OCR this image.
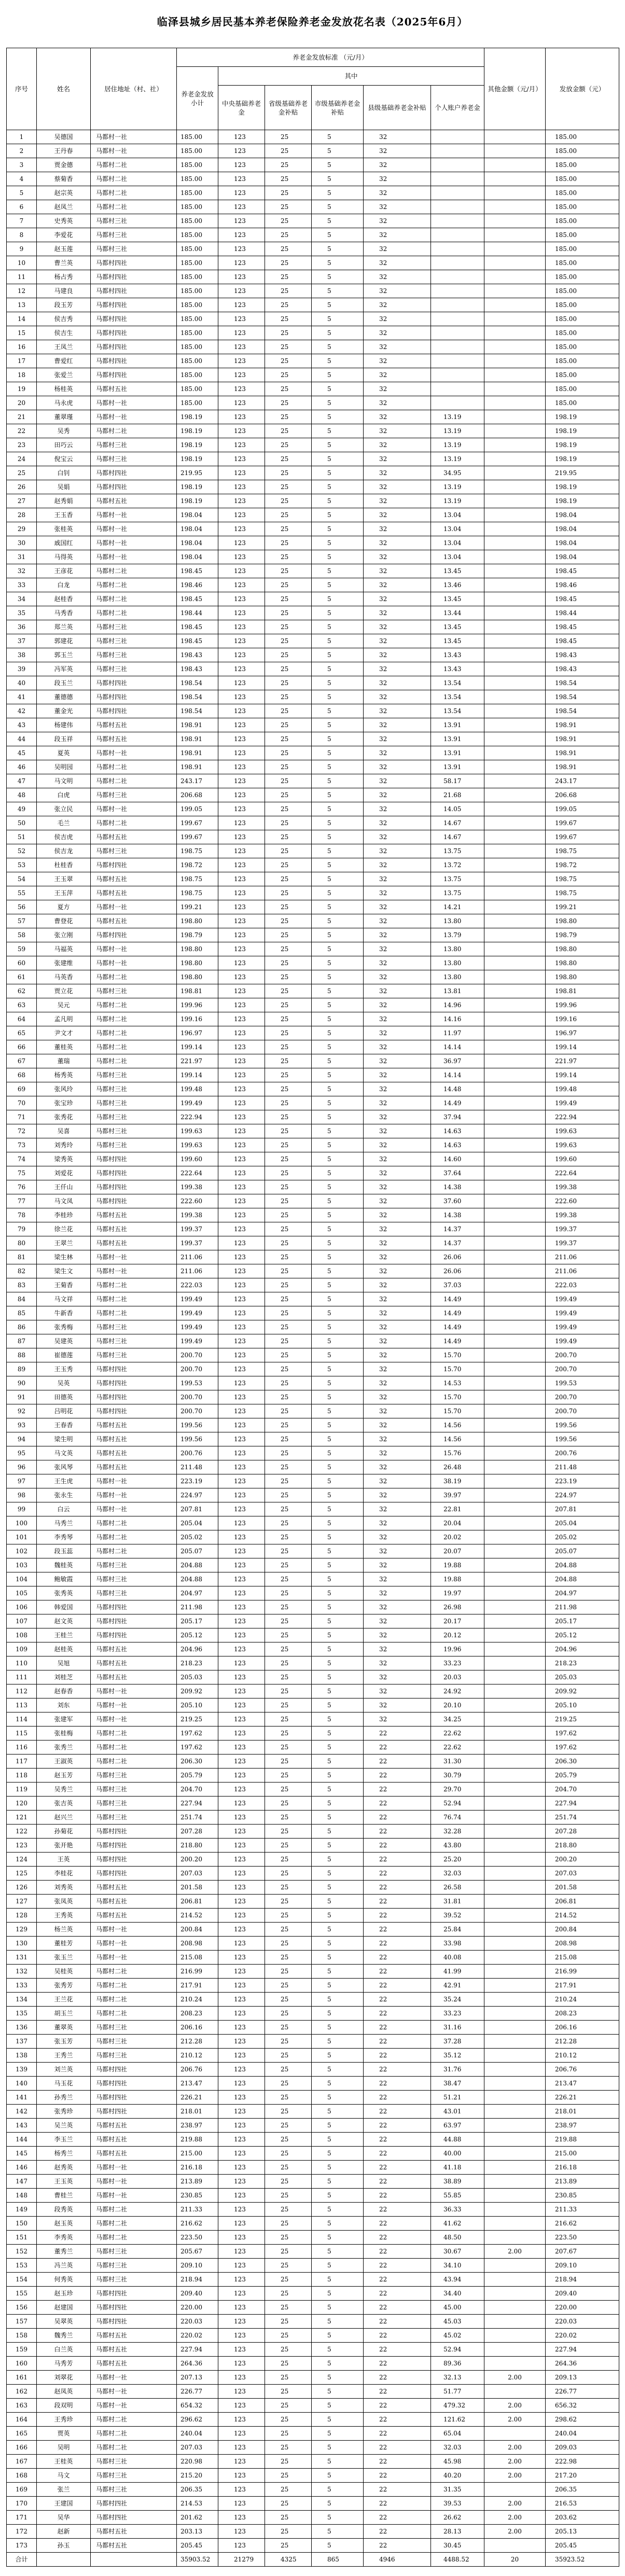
临泽县城乡居民基本养老保险养老金发放花名表（2025年6月）
序号	姓名	居住地址（村、社）	养老金发放标准 （元/月）						其他金额（元/月）	发放金额（元）
			养老金发放小计	其中						
				中央基础养老金	省级基础养老金补贴	市级基础养老金补贴	县级基础养老金补贴	个人账户养老金		
1	吴德国	马都村一社	185.00	123	25	5	32			185.00
2	王丹春	马都村一社	185.00	123	25	5	32			185.00
3	贾金德	马都村二社	185.00	123	25	5	32			185.00
4	蔡菊香	马都村二社	185.00	123	25	5	32			185.00
5	赵宗英	马都村二社	185.00	123	25	5	32			185.00
6	赵凤兰	马都村二社	185.00	123	25	5	32			185.00
7	史秀英	马都村三社	185.00	123	25	5	32			185.00
8	李爱花	马都村三社	185.00	123	25	5	32			185.00
9	赵玉莲	马都村三社	185.00	123	25	5	32			185.00
10	曹兰英	马都村四社	185.00	123	25	5	32			185.00
11	杨占秀	马都村四社	185.00	123	25	5	32			185.00
12	马建良	马都村四社	185.00	123	25	5	32			185.00
13	段玉芳	马都村四社	185.00	123	25	5	32			185.00
14	侯吉秀	马都村四社	185.00	123	25	5	32			185.00
15	侯吉生	马都村四社	185.00	123	25	5	32			185.00
16	王凤兰	马都村四社	185.00	123	25	5	32			185.00
17	曹爱红	马都村四社	185.00	123	25	5	32			185.00
18	张爱兰	马都村四社	185.00	123	25	5	32			185.00
19	杨桂英	马都村五社	185.00	123	25	5	32			185.00
20	马永虎	马都村一社	185.00	123	25	5	32			185.00
21	董翠瑾	马都村一社	198.19	123	25	5	32	13.19		198.19
22	吴秀	马都村二社	198.19	123	25	5	32	13.19		198.19
23	田巧云	马都村三社	198.19	123	25	5	32	13.19		198.19
24	倪宝云	马都村三社	198.19	123	25	5	32	13.19		198.19
25	白钊	马都村四社	219.95	123	25	5	32	34.95		219.95
26	吴娟	马都村四社	198.19	123	25	5	32	13.19		198.19
27	赵秀娟	马都村五社	198.19	123	25	5	32	13.19		198.19
28	王玉香	马都村一社	198.04	123	25	5	32	13.04		198.04
29	张桂英	马都村一社	198.04	123	25	5	32	13.04		198.04
30	戚国红	马都村一社	198.04	123	25	5	32	13.04		198.04
31	马得英	马都村一社	198.04	123	25	5	32	13.04		198.04
32	王彦花	马都村二社	198.45	123	25	5	32	13.45		198.45
33	白龙	马都村二社	198.46	123	25	5	32	13.46		198.46
34	赵桂香	马都村二社	198.45	123	25	5	32	13.45		198.45
35	马秀香	马都村二社	198.44	123	25	5	32	13.44		198.44
36	郑兰英	马都村三社	198.45	123	25	5	32	13.45		198.45
37	郭建花	马都村三社	198.45	123	25	5	32	13.45		198.45
38	郭玉兰	马都村三社	198.43	123	25	5	32	13.43		198.43
39	冯军英	马都村三社	198.43	123	25	5	32	13.43		198.43
40	段玉兰	马都村四社	198.54	123	25	5	32	13.54		198.54
41	董德德	马都村四社	198.54	123	25	5	32	13.54		198.54
42	董金光	马都村四社	198.54	123	25	5	32	13.54		198.54
43	杨建伟	马都村五社	198.91	123	25	5	32	13.91		198.91
44	段玉祥	马都村五社	198.91	123	25	5	32	13.91		198.91
45	夏英	马都村一社	198.91	123	25	5	32	13.91		198.91
46	吴明园	马都村二社	198.91	123	25	5	32	13.91		198.91
47	马文明	马都村二社	243.17	123	25	5	32	58.17		243.17
48	白虎	马都村三社	206.68	123	25	5	32	21.68		206.68
49	张立民	马都村一社	199.05	123	25	5	32	14.05		199.05
50	毛兰	马都村二社	199.67	123	25	5	32	14.67		199.67
51	侯吉虎	马都村五社	199.67	123	25	5	32	14.67		199.67
52	侯吉龙	马都村三社	198.75	123	25	5	32	13.75		198.75
53	杜桂香	马都村四社	198.72	123	25	5	32	13.72		198.72
54	王玉翠	马都村五社	198.75	123	25	5	32	13.75		198.75
55	王玉萍	马都村五社	198.75	123	25	5	32	13.75		198.75
56	夏方	马都村一社	199.21	123	25	5	32	14.21		199.21
57	曹登花	马都村五社	198.80	123	25	5	32	13.80		198.80
58	张立刚	马都村四社	198.79	123	25	5	32	13.79		198.79
59	马福英	马都村一社	198.80	123	25	5	32	13.80		198.80
60	张建维	马都村一社	198.80	123	25	5	32	13.80		198.80
61	马英香	马都村二社	198.80	123	25	5	32	13.80		198.80
62	贾立花	马都村三社	198.81	123	25	5	32	13.81		198.81
63	吴元	马都村二社	199.96	123	25	5	32	14.96		199.96
64	孟凡明	马都村二社	199.16	123	25	5	32	14.16		199.16
65	尹文才	马都村二社	196.97	123	25	5	32	11.97		196.97
66	董桂英	马都村二社	199.14	123	25	5	32	14.14		199.14
67	董瑞	马都村二社	221.97	123	25	5	32	36.97		221.97
68	杨秀英	马都村三社	199.14	123	25	5	32	14.14		199.14
69	张风玲	马都村三社	199.48	123	25	5	32	14.48		199.48
70	张宝珍	马都村三社	199.49	123	25	5	32	14.49		199.49
71	张秀花	马都村三社	222.94	123	25	5	32	37.94		222.94
72	吴喜	马都村三社	199.63	123	25	5	32	14.63		199.63
73	刘秀玲	马都村三社	199.63	123	25	5	32	14.63		199.63
74	梁秀英	马都村四社	199.60	123	25	5	32	14.60		199.60
75	刘爱花	马都村四社	222.64	123	25	5	32	37.64		222.64
76	王仟山	马都村四社	199.38	123	25	5	32	14.38		199.38
77	马文凤	马都村四社	222.60	123	25	5	32	37.60		222.60
78	李桂珍	马都村五社	199.38	123	25	5	32	14.38		199.38
79	徐兰花	马都村五社	199.37	123	25	5	32	14.37		199.37
80	王翠兰	马都村五社	199.37	123	25	5	32	14.37		199.37
81	梁生林	马都村一社	211.06	123	25	5	32	26.06		211.06
82	梁生文	马都村一社	211.06	123	25	5	32	26.06		211.06
83	王菊香	马都村二社	222.03	123	25	5	32	37.03		222.03
84	马文祥	马都村二社	199.49	123	25	5	32	14.49		199.49
85	牛新香	马都村二社	199.49	123	25	5	32	14.49		199.49
86	张秀梅	马都村三社	199.49	123	25	5	32	14.49		199.49
87	吴建英	马都村三社	199.49	123	25	5	32	14.49		199.49
88	崔德莲	马都村三社	200.70	123	25	5	32	15.70		200.70
89	王玉秀	马都村四社	200.70	123	25	5	32	15.70		200.70
90	吴英	马都村四社	199.53	123	25	5	32	14.53		199.53
91	田德英	马都村四社	200.70	123	25	5	32	15.70		200.70
92	吕明花	马都村四社	200.70	123	25	5	32	15.70		200.70
93	王春香	马都村五社	199.56	123	25	5	32	14.56		199.56
94	梁生明	马都村五社	199.56	123	25	5	32	14.56		199.56
95	马文英	马都村五社	200.76	123	25	5	32	15.76		200.76
96	张风琴	马都村五社	211.48	123	25	5	32	26.48		211.48
97	王生虎	马都村一社	223.19	123	25	5	32	38.19		223.19
98	张永生	马都村一社	224.97	123	25	5	32	39.97		224.97
99	白云	马都村一社	207.81	123	25	5	32	22.81		207.81
100	马秀兰	马都村二社	205.04	123	25	5	32	20.04		205.04
101	李秀琴	马都村二社	205.02	123	25	5	32	20.02		205.02
102	段玉蕊	马都村二社	205.07	123	25	5	32	20.07		205.07
103	魏桂英	马都村三社	204.88	123	25	5	32	19.88		204.88
104	鲍敏霞	马都村三社	204.88	123	25	5	32	19.88		204.88
105	张秀英	马都村三社	204.97	123	25	5	32	19.97		204.97
106	韩爱国	马都村四社	211.98	123	25	5	32	26.98		211.98
107	赵文英	马都村四社	205.17	123	25	5	32	20.17		205.17
108	王桂兰	马都村四社	205.12	123	25	5	32	20.12		205.12
109	赵桂英	马都村五社	204.96	123	25	5	32	19.96		204.96
110	吴旭	马都村五社	218.23	123	25	5	32	33.23		218.23
111	刘桂芝	马都村五社	205.03	123	25	5	32	20.03		205.03
112	赵春香	马都村一社	209.92	123	25	5	32	24.92		209.92
113	刘东	马都村一社	205.10	123	25	5	32	20.10		205.10
114	张建军	马都村一社	219.25	123	25	5	32	34.25		219.25
115	张桂梅	马都村二社	197.62	123	25	5	22	22.62		197.62
116	张秀兰	马都村二社	197.62	123	25	5	22	22.62		197.62
117	王淑英	马都村二社	206.30	123	25	5	22	31.30		206.30
118	赵玉芳	马都村三社	205.79	123	25	5	22	30.79		205.79
119	吴秀兰	马都村三社	204.70	123	25	5	22	29.70		204.70
120	张吉英	马都村三社	227.94	123	25	5	22	52.94		227.94
121	赵兴兰	马都村三社	251.74	123	25	5	22	76.74		251.74
122	孙菊花	马都村四社	207.28	123	25	5	22	32.28		207.28
123	张开艳	马都村四社	218.80	123	25	5	22	43.80		218.80
124	王英	马都村四社	200.20	123	25	5	22	25.20		200.20
125	李桂花	马都村四社	207.03	123	25	5	22	32.03		207.03
126	刘秀英	马都村五社	201.58	123	25	5	22	26.58		201.58
127	张凤英	马都村五社	206.81	123	25	5	22	31.81		206.81
128	王秀英	马都村五社	214.52	123	25	5	22	39.52		214.52
129	杨兰英	马都村一社	200.84	123	25	5	22	25.84		200.84
130	董桂芳	马都村一社	208.98	123	25	5	22	33.98		208.98
131	张玉兰	马都村一社	215.08	123	25	5	22	40.08		215.08
132	吴桂英	马都村二社	216.99	123	25	5	22	41.99		216.99
133	张秀芳	马都村二社	217.91	123	25	5	22	42.91		217.91
134	王兰花	马都村二社	210.24	123	25	5	22	35.24		210.24
135	胡玉兰	马都村二社	208.23	123	25	5	22	33.23		208.23
136	董翠英	马都村三社	206.16	123	25	5	22	31.16		206.16
137	张玉芳	马都村三社	212.28	123	25	5	22	37.28		212.28
138	王秀兰	马都村三社	210.12	123	25	5	22	35.12		210.12
139	刘兰英	马都村四社	206.76	123	25	5	22	31.76		206.76
140	马玉花	马都村四社	213.47	123	25	5	22	38.47		213.47
141	孙秀兰	马都村四社	226.21	123	25	5	22	51.21		226.21
142	张秀珍	马都村四社	218.01	123	25	5	22	43.01		218.01
143	吴兰英	马都村五社	238.97	123	25	5	22	63.97		238.97
144	李玉兰	马都村五社	219.88	123	25	5	22	44.88		219.88
145	杨秀兰	马都村五社	215.00	123	25	5	22	40.00		215.00
146	赵秀英	马都村一社	216.18	123	25	5	22	41.18		216.18
147	王玉英	马都村一社	213.89	123	25	5	22	38.89		213.89
148	曹桂兰	马都村一社	230.85	123	25	5	22	55.85		230.85
149	段秀英	马都村二社	211.33	123	25	5	22	36.33		211.33
150	赵玉英	马都村二社	216.62	123	25	5	22	41.62		216.62
151	李秀英	马都村二社	223.50	123	25	5	22	48.50		223.50
152	董秀兰	马都村三社	205.67	123	25	5	22	30.67	2.00	207.67
153	冯兰英	马都村三社	209.10	123	25	5	22	34.10		209.10
154	何秀英	马都村三社	218.94	123	25	5	22	43.94		218.94
155	赵玉珍	马都村四社	209.40	123	25	5	22	34.40		209.40
156	赵建国	马都村四社	220.00	123	25	5	22	45.00		220.00
157	吴翠英	马都村四社	220.03	123	25	5	22	45.03		220.03
158	魏秀兰	马都村五社	220.02	123	25	5	22	45.02		220.02
159	白兰英	马都村五社	227.94	123	25	5	22	52.94		227.94
160	马秀芳	马都村五社	264.36	123	25	5	22	89.36		264.36
161	刘翠花	马都村一社	207.13	123	25	5	22	32.13	2.00	209.13
162	赵凤英	马都村一社	226.77	123	25	5	22	51.77		226.77
163	段双明	马都村一社	654.32	123	25	5	22	479.32	2.00	656.32
164	王秀珍	马都村二社	296.62	123	25	5	22	121.62	2.00	298.62
165	贾英	马都村二社	240.04	123	25	5	22	65.04		240.04
166	吴明	马都村二社	207.03	123	25	5	22	32.03	2.00	209.03
167	王桂英	马都村三社	220.98	123	25	5	22	45.98	2.00	222.98
168	马文	马都村三社	215.20	123	25	5	22	40.20	2.00	217.20
169	张兰	马都村三社	206.35	123	25	5	22	31.35		206.35
170	王建国	马都村四社	214.53	123	25	5	22	39.53	2.00	216.53
171	吴华	马都村四社	201.62	123	25	5	22	26.62	2.00	203.62
172	赵新	马都村五社	203.13	123	25	5	22	28.13	2.00	205.13
173	孙玉	马都村五社	205.45	123	25	5	22	30.45		205.45
合计			35903.52	21279	4325	865	4946	4488.52	20	35923.52
